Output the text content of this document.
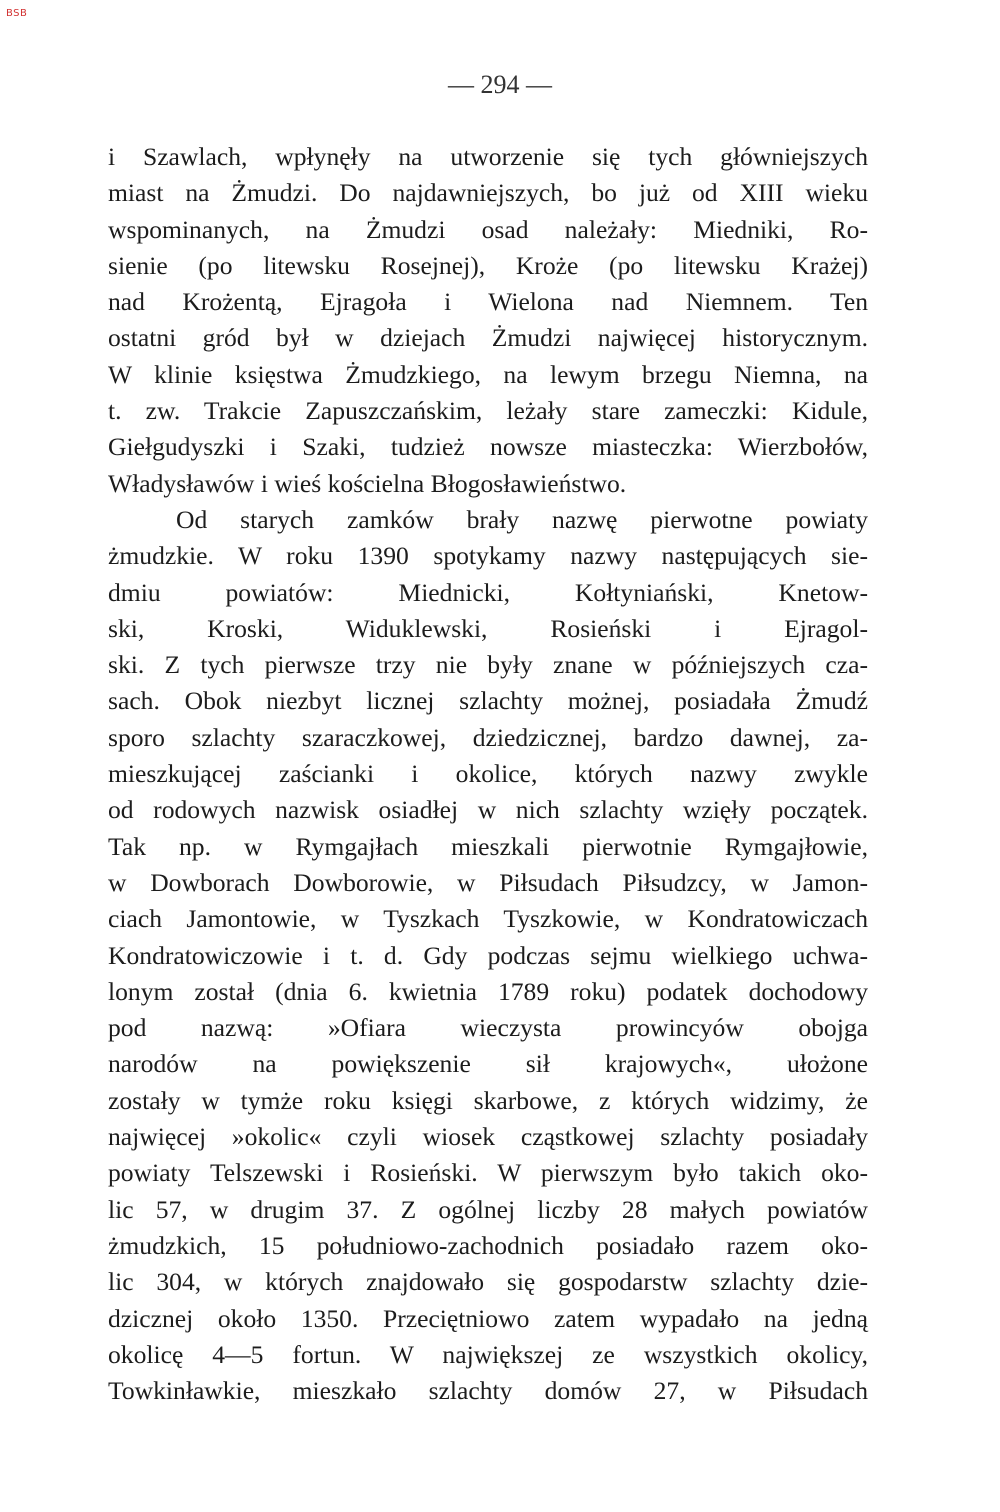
BSB
— 294 —
i Szawlach, wpłynęły na utworzenie się tych główniejszych
miast na Żmudzi. Do najdawniejszych, bo już od XIII wieku
wspominanych, na Żmudzi osad należały: Miedniki, Ro-
sienie (po litewsku Rosejnej), Kroże (po litewsku Krażej)
nad Krożentą, Ejragoła i Wielona nad Niemnem. Ten
ostatni gród był w dziejach Żmudzi najwięcej historycznym.
W klinie księstwa Żmudzkiego, na lewym brzegu Niemna, na
t. zw. Trakcie Zapuszczańskim, leżały stare zameczki: Kidule,
Giełgudyszki i Szaki, tudzież nowsze miasteczka: Wierzbołów,
Władysławów i wieś kościelna Błogosławieństwo.
Od starych zamków brały nazwę pierwotne powiaty
żmudzkie. W roku 1390 spotykamy nazwy następujących sie-
dmiu powiatów: Miednicki, Kołtyniański, Knetow-
ski, Kroski, Widuklewski, Rosieński i Ejragol-
ski. Z tych pierwsze trzy nie były znane w późniejszych cza-
sach. Obok niezbyt licznej szlachty możnej, posiadała Żmudź
sporo szlachty szaraczkowej, dziedzicznej, bardzo dawnej, za-
mieszkującej zaścianki i okolice, których nazwy zwykle
od rodowych nazwisk osiadłej w nich szlachty wzięły początek.
Tak np. w Rymgajłach mieszkali pierwotnie Rymgajłowie,
w Dowborach Dowborowie, w Piłsudach Piłsudzcy, w Jamon-
ciach Jamontowie, w Tyszkach Tyszkowie, w Kondratowiczach
Kondratowiczowie i t. d. Gdy podczas sejmu wielkiego uchwa-
lonym został (dnia 6. kwietnia 1789 roku) podatek dochodowy
pod nazwą: »Ofiara wieczysta prowincyów obojga
narodów na powiększenie sił krajowych«, ułożone
zostały w tymże roku księgi skarbowe, z których widzimy, że
najwięcej »okolic« czyli wiosek cząstkowej szlachty posiadały
powiaty Telszewski i Rosieński. W pierwszym było takich oko-
lic 57, w drugim 37. Z ogólnej liczby 28 małych powiatów
żmudzkich, 15 południowo-zachodnich posiadało razem oko-
lic 304, w których znajdowało się gospodarstw szlachty dzie-
dzicznej około 1350. Przeciętniowo zatem wypadało na jedną
okolicę 4—5 fortun. W największej ze wszystkich okolicy,
Towkinławkie, mieszkało szlachty domów 27, w Piłsudach
